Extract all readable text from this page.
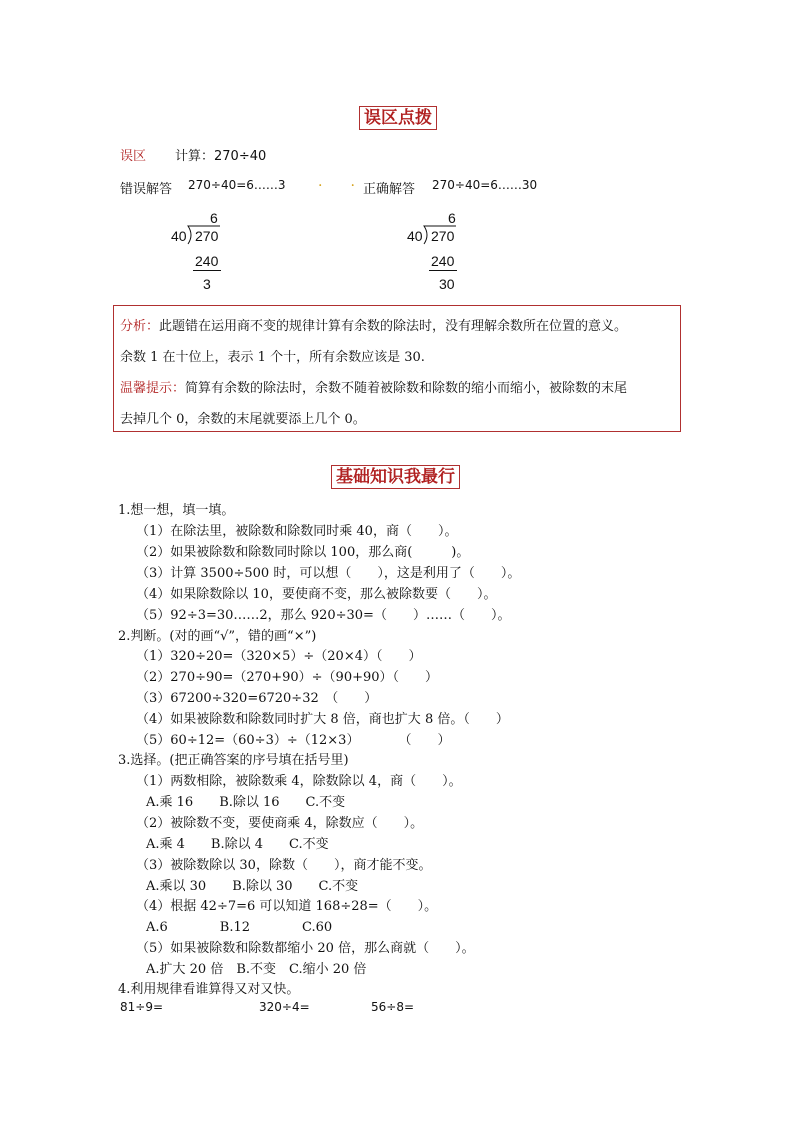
误区点拨
误区 计算：270÷40
错误解答 270÷40=6……3 ..
正确解答 270÷40=6……30
6
40 270
240
3
6
40 270
240
30
分析：此题错在运用商不变的规律计算有余数的除法时，没有理解余数所在位置的意义。
余数 1 在十位上，表示 1 个十，所有余数应该是 30.
温馨提示：简算有余数的除法时，余数不随着被除数和除数的缩小而缩小，被除数的末尾
去掉几个 0，余数的末尾就要添上几个 0。
基础知识我最行
1.想一想，填一填。
（1）在除法里，被除数和除数同时乘 40，商（　　）。
（2）如果被除数和除数同时除以 100，那么商(　　　)。
（3）计算 3500÷500 时，可以想（　　），这是利用了（　　）。
（4）如果除数除以 10，要使商不变，那么被除数要（　　）。
（5）92÷3=30……2，那么 920÷30=（　　）……（　　）。
2.判断。(对的画“√”，错的画“×”)
（1）320÷20=（320×5）÷（20×4）（　　）
（2）270÷90=（270+90）÷（90+90）（　　）
（3）67200÷320=6720÷32　（　　）
（4）如果被除数和除数同时扩大 8 倍，商也扩大 8 倍。（　　）
（5）60÷12=（60÷3）÷（12×3）　　　　（　　）
3.选择。(把正确答案的序号填在括号里)
（1）两数相除，被除数乘 4，除数除以 4，商（　　）。
A.乘 16　　B.除以 16　　C.不变
（2）被除数不变，要使商乘 4，除数应（　　）。
A.乘 4　　B.除以 4　　C.不变
（3）被除数除以 30，除数（　　），商才能不变。
A.乘以 30　　B.除以 30　　C.不变
（4）根据 42÷7=6 可以知道 168÷28=（　　）。
A.6　　　　B.12　　　　C.60
（5）如果被除数和除数都缩小 20 倍，那么商就（　　）。
A.扩大 20 倍　B.不变　C.缩小 20 倍
4.利用规律看谁算得又对又快。
81÷9=	320÷4=	56÷8=
